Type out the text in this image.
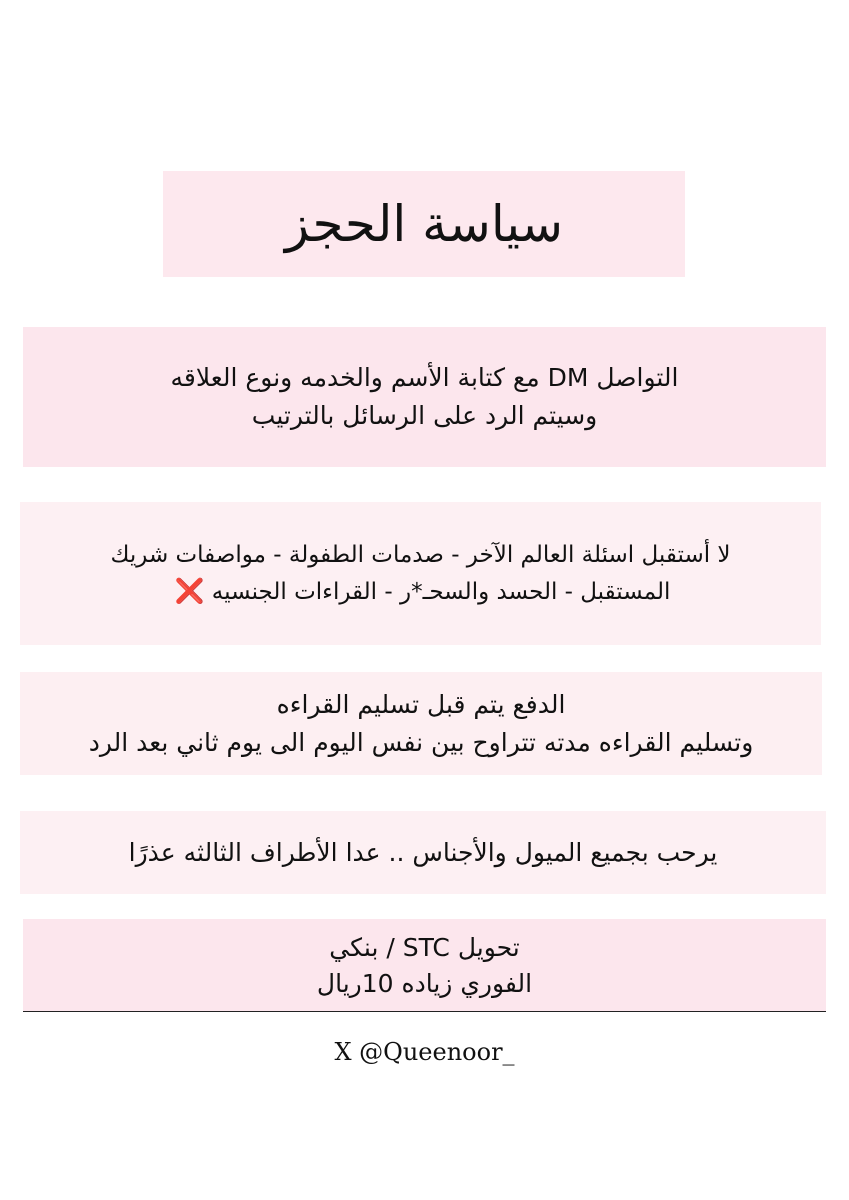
سياسة الحجز
التواصل DM مع كتابة الأسم والخدمه ونوع العلاقه
وسيتم الرد على الرسائل بالترتيب
لا أستقبل اسئلة العالم الآخر - صدمات الطفولة - مواصفات شريك
المستقبل - الحسد والسحـ*ر - القراءات الجنسيه ❌
الدفع يتم قبل تسليم القراءه
وتسليم القراءه مدته تتراوح بين نفس اليوم الى يوم ثاني بعد الرد
يرحب بجميع الميول والأجناس .. عدا الأطراف الثالثه عذرًا
تحويل STC / بنكي
الفوري زياده 10ريال
X @Queenoor_
